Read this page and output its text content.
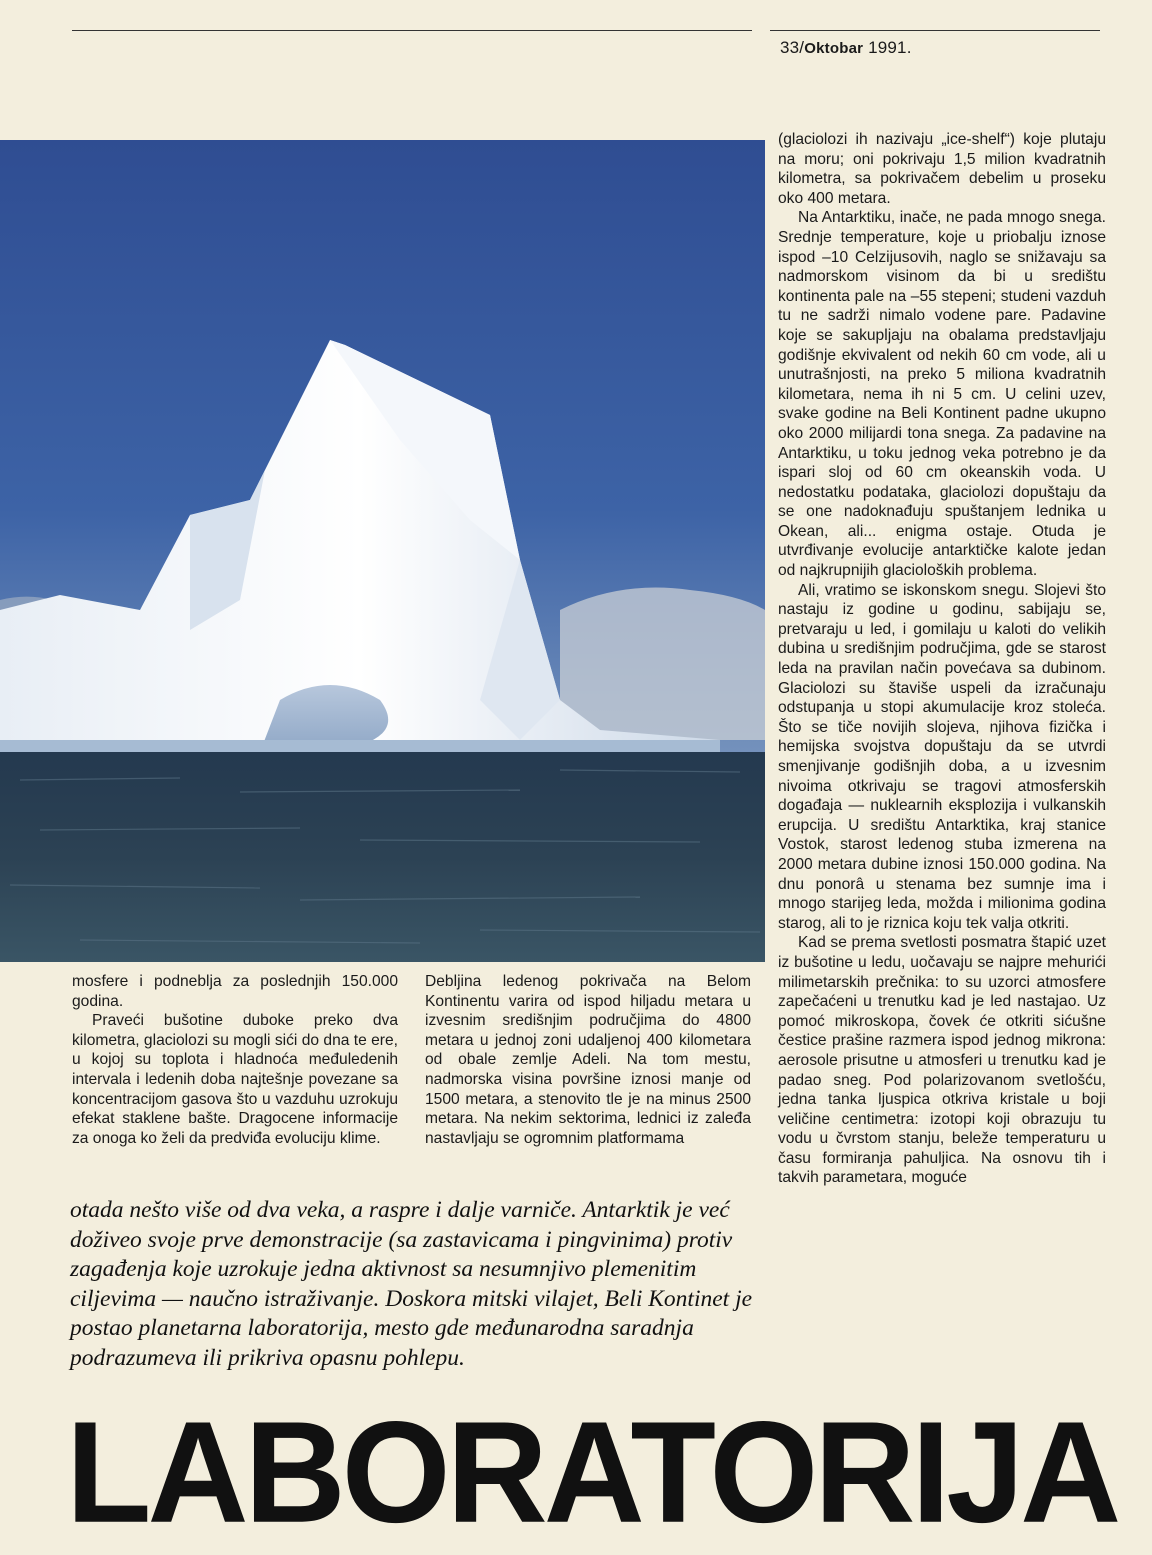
33/Oktobar 1991.

(glaciolozi ih nazivaju „ice-shelf“) koje plutaju na moru; oni pokrivaju 1,5 milion kvadratnih kilometra, sa pokrivačem debelim u proseku oko 400 metara.

Na Antarktiku, inače, ne pada mnogo snega. Srednje temperature, koje u priobalju iznose ispod –10 Celzijusovih, naglo se snižavaju sa nadmorskom visinom da bi u središtu kontinenta pale na –55 stepeni; studeni vazduh tu ne sadrži nimalo vodene pare. Padavine koje se sakupljaju na obalama predstavljaju godišnje ekvivalent od nekih 60 cm vode, ali u unutrašnjosti, na preko 5 miliona kvadratnih kilometara, nema ih ni 5 cm. U celini uzev, svake godine na Beli Kontinent padne ukupno oko 2000 milijardi tona snega. Za padavine na Antarktiku, u toku jednog veka potrebno je da ispari sloj od 60 cm okeanskih voda. U nedostatku podataka, glaciolozi dopuštaju da se one nadoknađuju spuštanjem lednika u Okean, ali... enigma ostaje. Otuda je utvrđivanje evolucije antarktičke kalote jedan od najkrupnijih glacioloških problema.

Ali, vratimo se iskonskom snegu. Slojevi što nastaju iz godine u godinu, sabijaju se, pretvaraju u led, i gomilaju u kaloti do velikih dubina u središnjim područjima, gde se starost leda na pravilan način povećava sa dubinom. Glaciolozi su štaviše uspeli da izračunaju odstupanja u stopi akumulacije kroz stoleća. Što se tiče novijih slojeva, njihova fizička i hemijska svojstva dopuštaju da se utvrdi smenjivanje godišnjih doba, a u izvesnim nivoima otkrivaju se tragovi atmosferskih događaja — nuklearnih eksplozija i vulkanskih erupcija. U središtu Antarktika, kraj stanice Vostok, starost ledenog stuba izmerena na 2000 metara dubine iznosi 150.000 godina. Na dnu ponorâ u stenama bez sumnje ima i mnogo starijeg leda, možda i milionima godina starog, ali to je riznica koju tek valja otkriti.

Kad se prema svetlosti posmatra štapić uzet iz bušotine u ledu, uočavaju se najpre mehurići milimetarskih prečnika: to su uzorci atmosfere zapečaćeni u trenutku kad je led nastajao. Uz pomoć mikroskopa, čovek će otkriti sićušne čestice prašine razmera ispod jednog mikrona: aerosole prisutne u atmosferi u trenutku kad je padao sneg. Pod polarizovanom svetlošću, jedna tanka ljuspica otkriva kristale u boji veličine centimetra: izotopi koji obrazuju tu vodu u čvrstom stanju, beleže temperaturu u času formiranja pahuljica. Na osnovu tih i takvih parametara, moguće

mosfere i podneblja za poslednjih 150.000 godina.

Praveći bušotine duboke preko dva kilometra, glaciolozi su mogli sići do dna te ere, u kojoj su toplota i hladnoća međuledenih intervala i ledenih doba najtešnje povezane sa koncentracijom gasova što u vazduhu uzrokuju efekat staklene bašte. Dragocene informacije za onoga ko želi da predviđa evoluciju klime.

Debljina ledenog pokrivača na Belom Kontinentu varira od ispod hiljadu metara u izvesnim središnjim područjima do 4800 metara u jednoj zoni udaljenoj 400 kilometara od obale zemlje Adeli. Na tom mestu, nadmorska visina površine iznosi manje od 1500 metara, a stenovito tle je na minus 2500 metara. Na nekim sektorima, lednici iz zaleđa nastavljaju se ogromnim platformama

otada nešto više od dva veka, a raspre i dalje varniče. Antarktik je već doživeo svoje prve demonstracije (sa zastavicama i pingvinima) protiv zagađenja koje uzrokuje jedna aktivnost sa nesumnjivo plemenitim ciljevima — naučno istraživanje. Doskora mitski vilajet, Beli Kontinet je postao planetarna laboratorija, mesto gde međunarodna saradnja podrazumeva ili prikriva opasnu pohlepu.
LABORATORIJA
